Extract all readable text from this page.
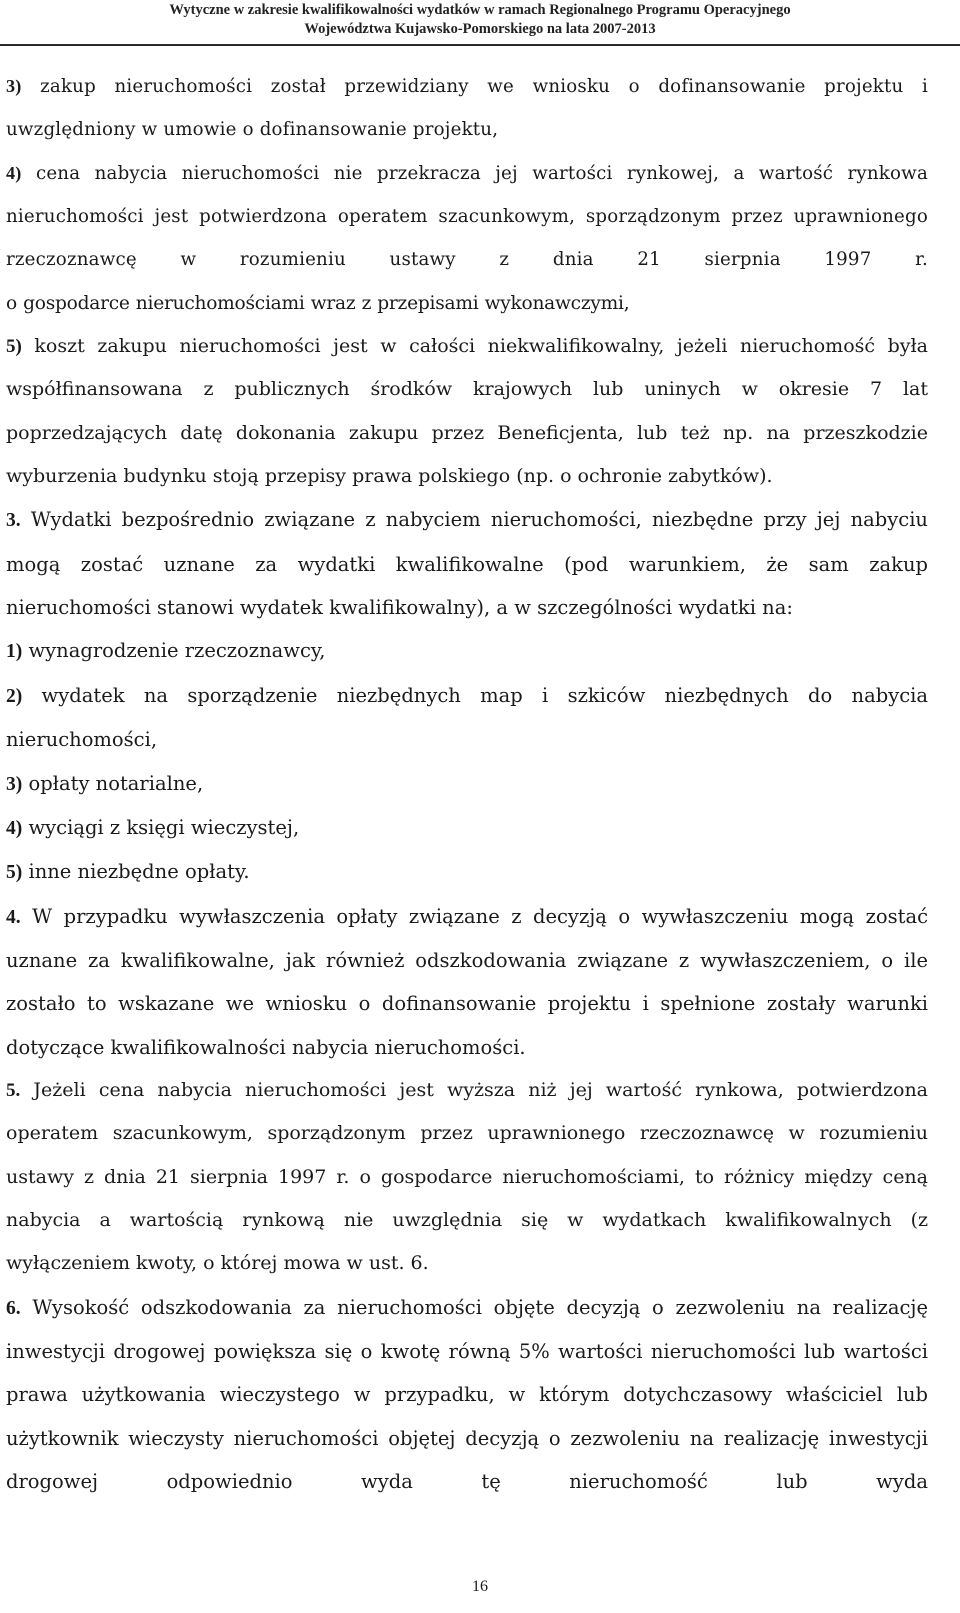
Wytyczne w zakresie kwalifikowalności wydatków w ramach Regionalnego Programu Operacyjnego
Województwa Kujawsko-Pomorskiego na lata 2007-2013

3) zakup nieruchomości został przewidziany we wniosku o dofinansowanie projektu i uwzględniony w umowie o dofinansowanie projektu,

4) cena nabycia nieruchomości nie przekracza jej wartości rynkowej, a wartość rynkowa nieruchomości jest potwierdzona operatem szacunkowym, sporządzonym przez uprawnionego rzeczoznawcę w rozumieniu ustawy z dnia 21 sierpnia 1997 r.

o gospodarce nieruchomościami wraz z przepisami wykonawczymi,

5) koszt zakupu nieruchomości jest w całości niekwalifikowalny, jeżeli nieruchomość była współfinansowana z publicznych środków krajowych lub uninych w okresie 7 lat poprzedzających datę dokonania zakupu przez Beneficjenta, lub też np. na przeszkodzie wyburzenia budynku stoją przepisy prawa polskiego (np. o ochronie zabytków).

3. Wydatki bezpośrednio związane z nabyciem nieruchomości, niezbędne przy jej nabyciu mogą zostać uznane za wydatki kwalifikowalne (pod warunkiem, że sam zakup nieruchomości stanowi wydatek kwalifikowalny), a w szczególności wydatki na:

1) wynagrodzenie rzeczoznawcy,

2) wydatek na sporządzenie niezbędnych map i szkiców niezbędnych do nabycia nieruchomości,

3) opłaty notarialne,

4) wyciągi z księgi wieczystej,

5) inne niezbędne opłaty.

4. W przypadku wywłaszczenia opłaty związane z decyzją o wywłaszczeniu mogą zostać uznane za kwalifikowalne, jak również odszkodowania związane z wywłaszczeniem, o ile zostało to wskazane we wniosku o dofinansowanie projektu i spełnione zostały warunki dotyczące kwalifikowalności nabycia nieruchomości.

5. Jeżeli cena nabycia nieruchomości jest wyższa niż jej wartość rynkowa, potwierdzona operatem szacunkowym, sporządzonym przez uprawnionego rzeczoznawcę w rozumieniu ustawy z dnia 21 sierpnia 1997 r. o gospodarce nieruchomościami, to różnicy między ceną nabycia a wartością rynkową nie uwzględnia się w wydatkach kwalifikowalnych (z wyłączeniem kwoty, o której mowa w ust. 6.

6. Wysokość odszkodowania za nieruchomości objęte decyzją o zezwoleniu na realizację inwestycji drogowej powiększa się o kwotę równą 5% wartości nieruchomości lub wartości prawa użytkowania wieczystego w przypadku, w którym dotychczasowy właściciel lub użytkownik wieczysty nieruchomości objętej decyzją o zezwoleniu na realizację inwestycji drogowej odpowiednio wyda tę nieruchomość lub wyda

16
